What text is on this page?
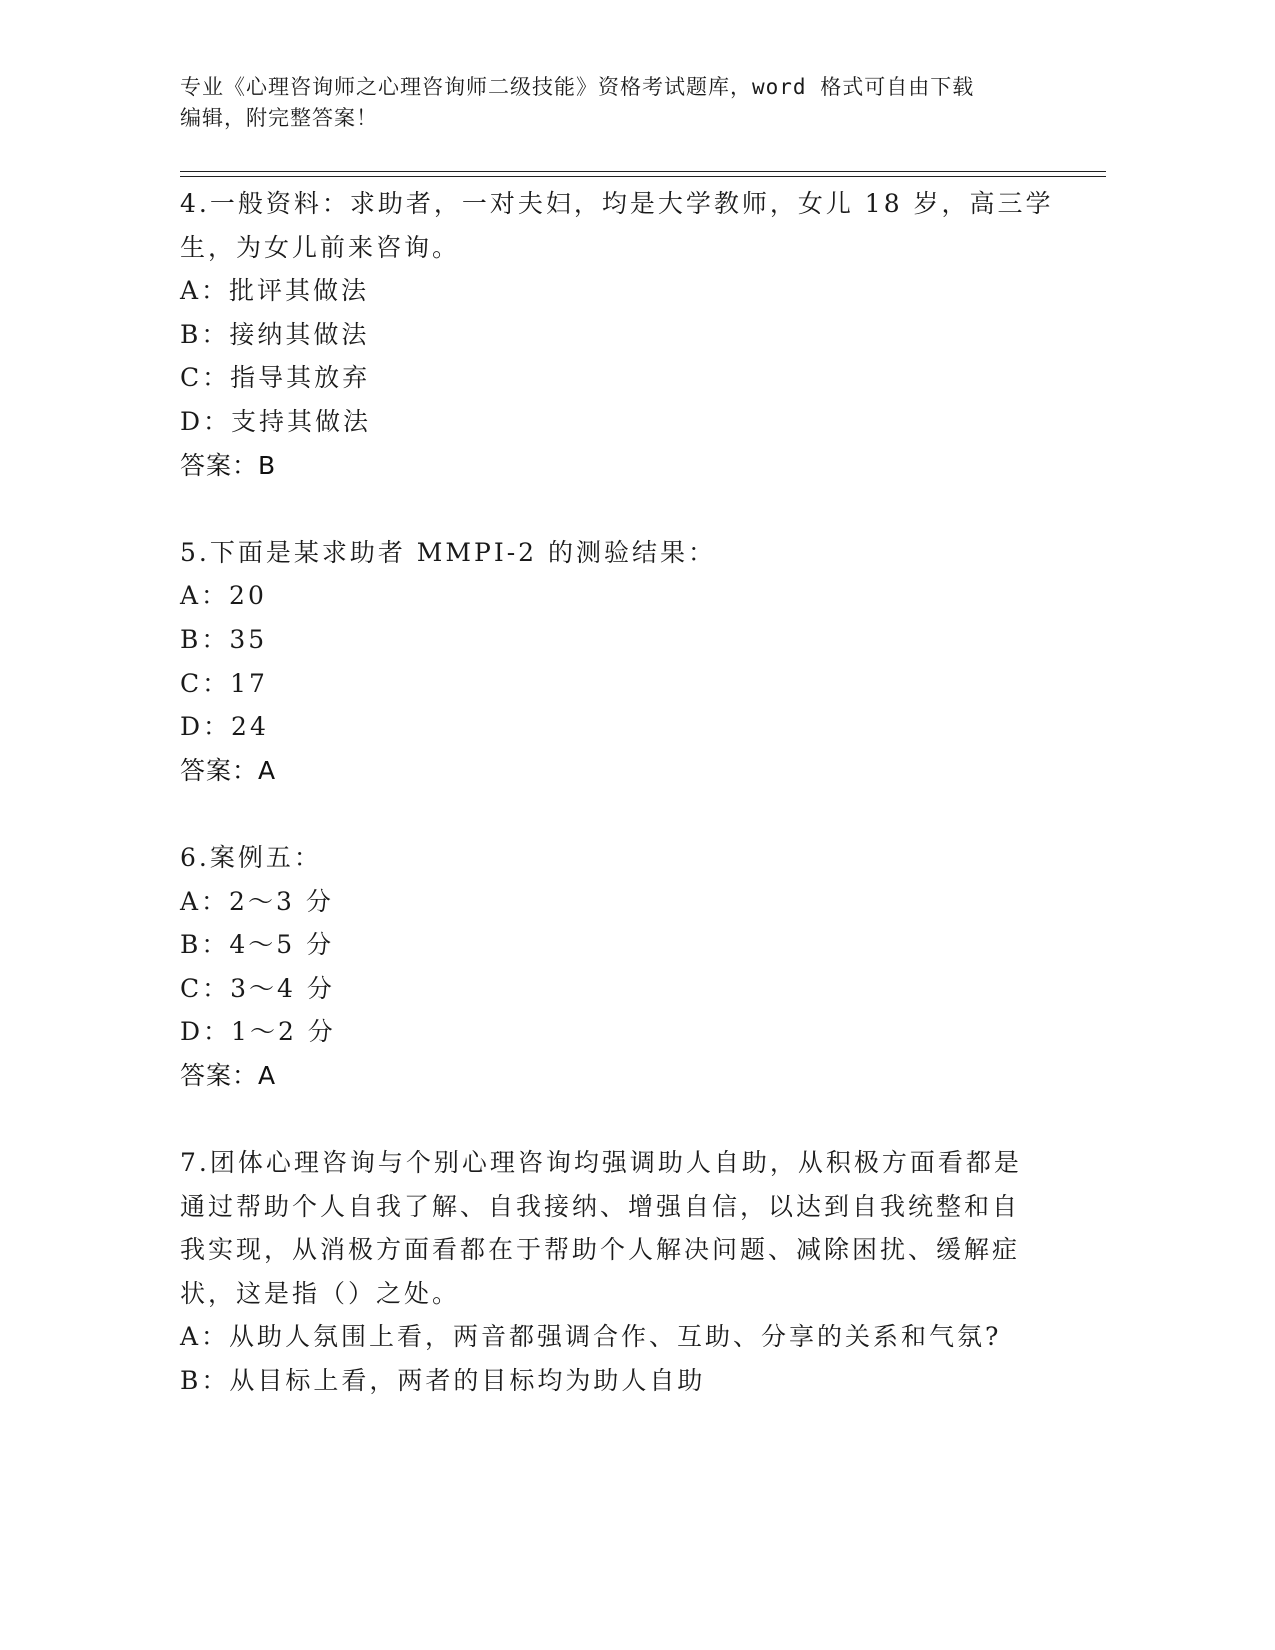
专业《心理咨询师之心理咨询师二级技能》资格考试题库，word 格式可自由下载
编辑，附完整答案！
4.一般资料：求助者，一对夫妇，均是大学教师，女儿 18 岁，高三学
生，为女儿前来咨询。
A：批评其做法
B：接纳其做法
C：指导其放弃
D：支持其做法
答案：B
5.下面是某求助者 MMPI-2 的测验结果：
A：20
B：35
C：17
D：24
答案：A
6.案例五：
A：2～3 分
B：4～5 分
C：3～4 分
D：1～2 分
答案：A
7.团体心理咨询与个别心理咨询均强调助人自助，从积极方面看都是
通过帮助个人自我了解、自我接纳、增强自信，以达到自我统整和自
我实现，从消极方面看都在于帮助个人解决问题、减除困扰、缓解症
状，这是指（）之处。
A：从助人氛围上看，两音都强调合作、互助、分享的关系和气氛?
B：从目标上看，两者的目标均为助人自助
